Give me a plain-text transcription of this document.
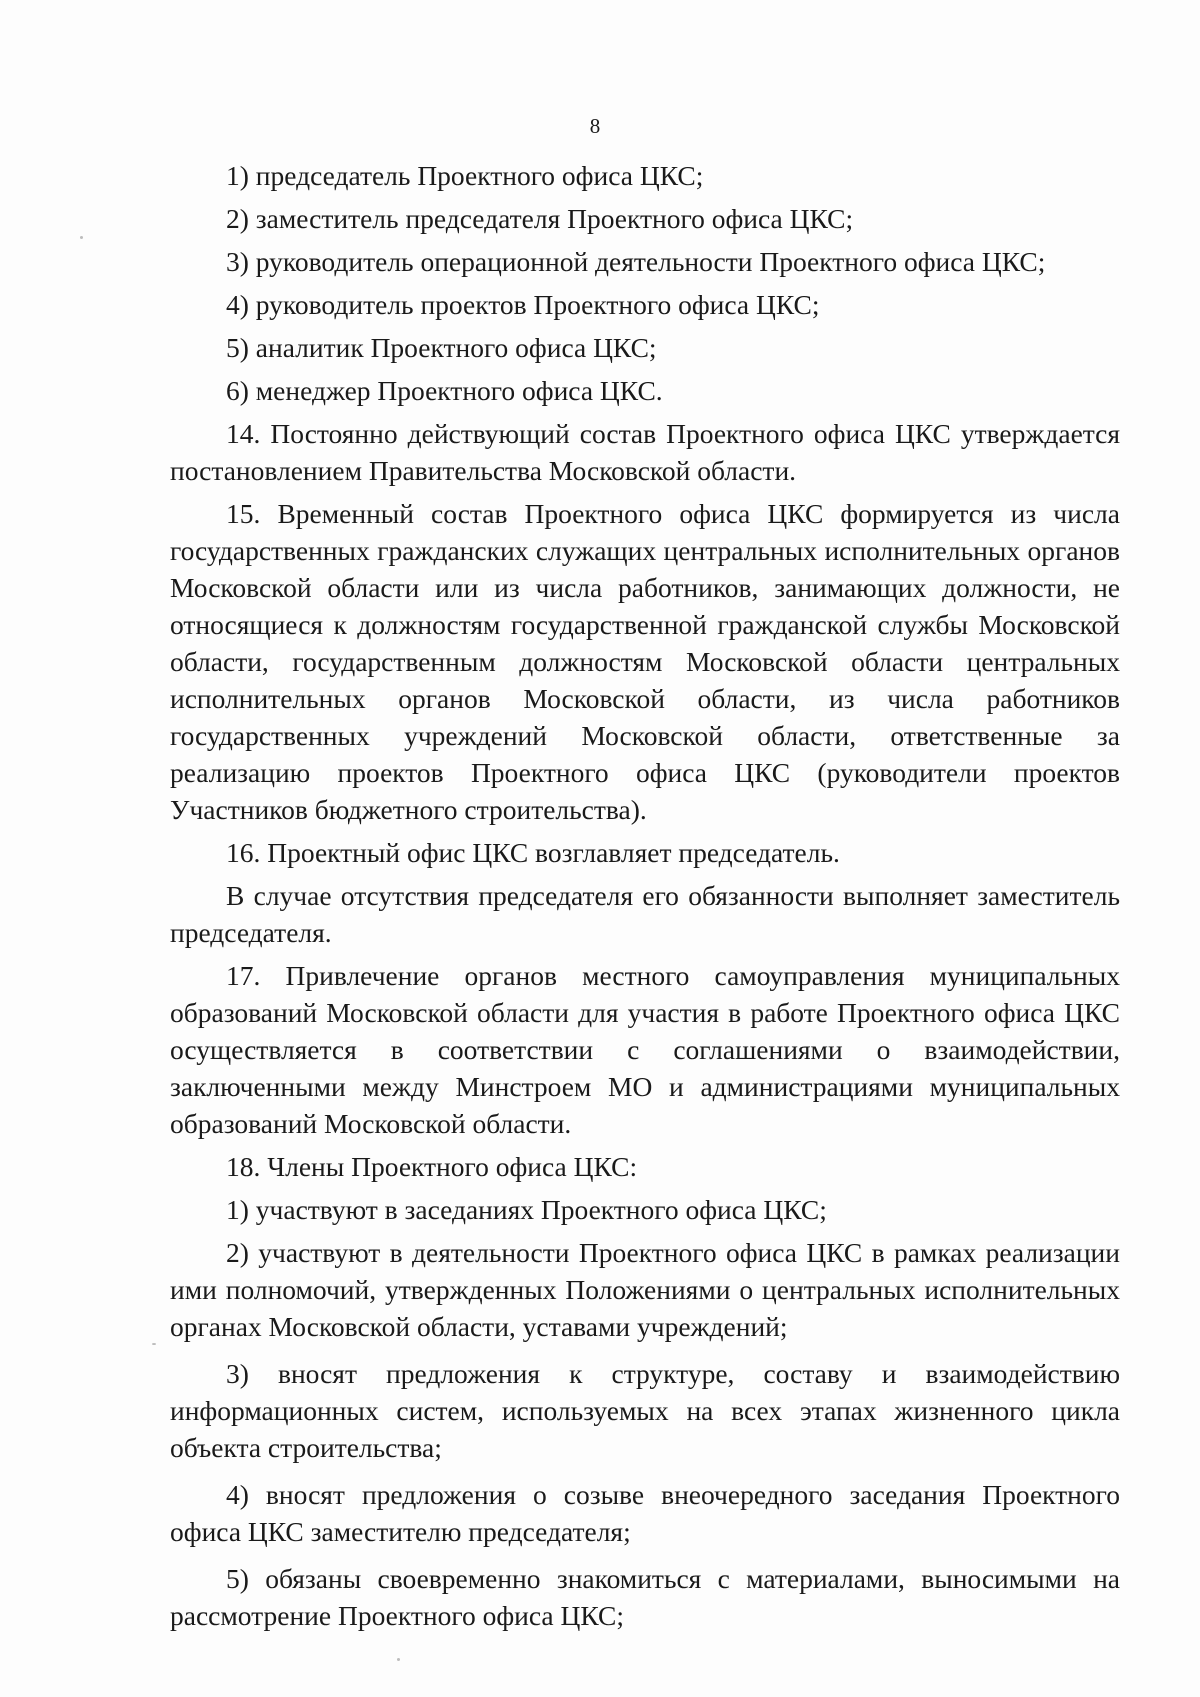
8

1) председатель Проектного офиса ЦКС;

2) заместитель председателя Проектного офиса ЦКС;

3) руководитель операционной деятельности Проектного офиса ЦКС;

4) руководитель проектов Проектного офиса ЦКС;

5) аналитик Проектного офиса ЦКС;

6) менеджер Проектного офиса ЦКС.

14. Постоянно действующий состав Проектного офиса ЦКС утверждается постановлением Правительства Московской области.

15. Временный состав Проектного офиса ЦКС формируется из числа государственных гражданских служащих центральных исполнительных органов Московской области или из числа работников, занимающих должности, не относящиеся к должностям государственной гражданской службы Московской области, государственным должностям Московской области центральных исполнительных органов Московской области, из числа работников государственных учреждений Московской области, ответственные за реализацию проектов Проектного офиса ЦКС (руководители проектов Участников бюджетного строительства).

16. Проектный офис ЦКС возглавляет председатель.

В случае отсутствия председателя его обязанности выполняет заместитель председателя.

17. Привлечение органов местного самоуправления муниципальных образований Московской области для участия в работе Проектного офиса ЦКС осуществляется в соответствии с соглашениями о взаимодействии, заключенными между Минстроем МО и администрациями муниципальных образований Московской области.

18. Члены Проектного офиса ЦКС:

1) участвуют в заседаниях Проектного офиса ЦКС;

2) участвуют в деятельности Проектного офиса ЦКС в рамках реализации ими полномочий, утвержденных Положениями о центральных исполнительных органах Московской области, уставами учреждений;

3) вносят предложения к структуре, составу и взаимодействию информационных систем, используемых на всех этапах жизненного цикла объекта строительства;

4) вносят предложения о созыве внеочередного заседания Проектного офиса ЦКС заместителю председателя;

5) обязаны своевременно знакомиться с материалами, выносимыми на рассмотрение Проектного офиса ЦКС;
